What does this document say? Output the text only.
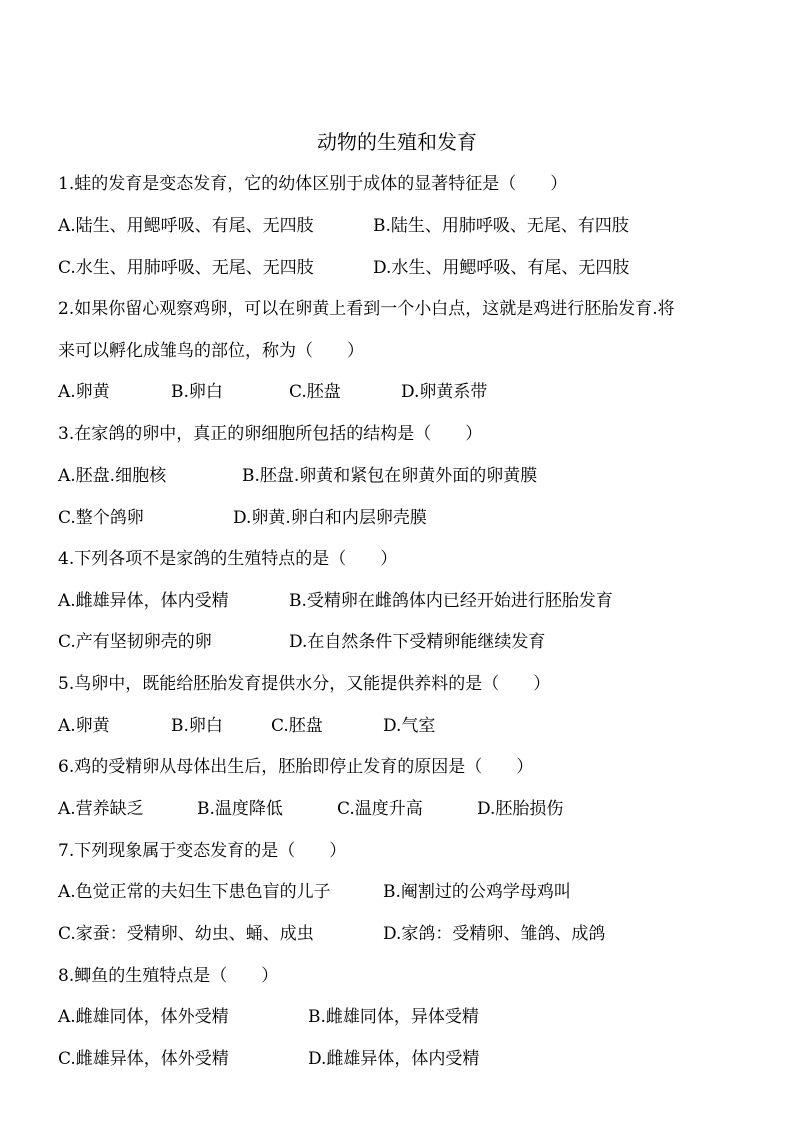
动物的生殖和发育
1.蛙的发育是变态发育，它的幼体区别于成体的显著特征是（　　）
A.陆生、用鳃呼吸、有尾、无四肢	B.陆生、用肺呼吸、无尾、有四肢
C.水生、用肺呼吸、无尾、无四肢	D.水生、用鳃呼吸、有尾、无四肢
2.如果你留心观察鸡卵，可以在卵黄上看到一个小白点，这就是鸡进行胚胎发育.将
来可以孵化成雏鸟的部位，称为（　　）
A.卵黄	B.卵白	C.胚盘	D.卵黄系带
3.在家鸽的卵中，真正的卵细胞所包括的结构是（　　）
A.胚盘.细胞核	B.胚盘.卵黄和紧包在卵黄外面的卵黄膜
C.整个鸽卵	D.卵黄.卵白和内层卵壳膜
4.下列各项不是家鸽的生殖特点的是（　　）
A.雌雄异体，体内受精	B.受精卵在雌鸽体内已经开始进行胚胎发育
C.产有坚韧卵壳的卵	D.在自然条件下受精卵能继续发育
5.鸟卵中，既能给胚胎发育提供水分，又能提供养料的是（　　）
A.卵黄	B.卵白	C.胚盘	D.气室
6.鸡的受精卵从母体出生后，胚胎即停止发育的原因是（　　）
A.营养缺乏	B.温度降低	C.温度升高	D.胚胎损伤
7.下列现象属于变态发育的是（　　）
A.色觉正常的夫妇生下患色盲的儿子	B.阉割过的公鸡学母鸡叫
C.家蚕：受精卵、幼虫、蛹、成虫	D.家鸽：受精卵、雏鸽、成鸽
8.鲫鱼的生殖特点是（　　）
A.雌雄同体，体外受精	B.雌雄同体，异体受精
C.雌雄异体，体外受精	D.雌雄异体，体内受精
